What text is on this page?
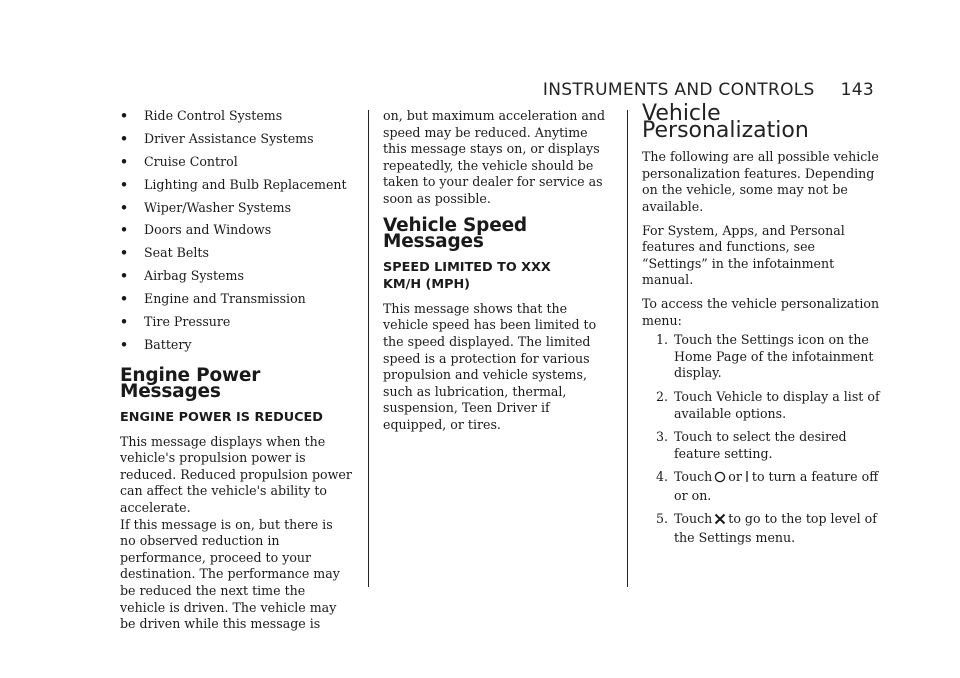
INSTRUMENTS AND CONTROLS 143
•	Ride Control Systems
•	Driver Assistance Systems
•	Cruise Control
•	Lighting and Bulb Replacement
•	Wiper/Washer Systems
•	Doors and Windows
•	Seat Belts
•	Airbag Systems
•	Engine and Transmission
•	Tire Pressure
•	Battery
Engine Power Messages
ENGINE POWER IS REDUCED

This message displays when the vehicle's propulsion power is reduced. Reduced propulsion power can affect the vehicle's ability to accelerate.

If this message is on, but there is no observed reduction in performance, proceed to your destination. The performance may be reduced the next time the vehicle is driven. The vehicle may be driven while this message is

on, but maximum acceleration and speed may be reduced. Anytime this message stays on, or displays repeatedly, the vehicle should be taken to your dealer for service as soon as possible.

Vehicle Speed Messages
SPEED LIMITED TO XXX
KM/H (MPH)

This message shows that the vehicle speed has been limited to the speed displayed. The limited speed is a protection for various propulsion and vehicle systems, such as lubrication, thermal, suspension, Teen Driver if equipped, or tires.

Vehicle Personalization

The following are all possible vehicle personalization features. Depending on the vehicle, some may not be available.

For System, Apps, and Personal features and functions, see “Settings” in the infotainment manual.

To access the vehicle personalization menu:

1. Touch the Settings icon on the Home Page of the infotainment display.
2. Touch Vehicle to display a list of available options.
3. Touch to select the desired feature setting.
4. Touch or to turn a feature off or on.
5. Touch to go to the top level of the Settings menu.
